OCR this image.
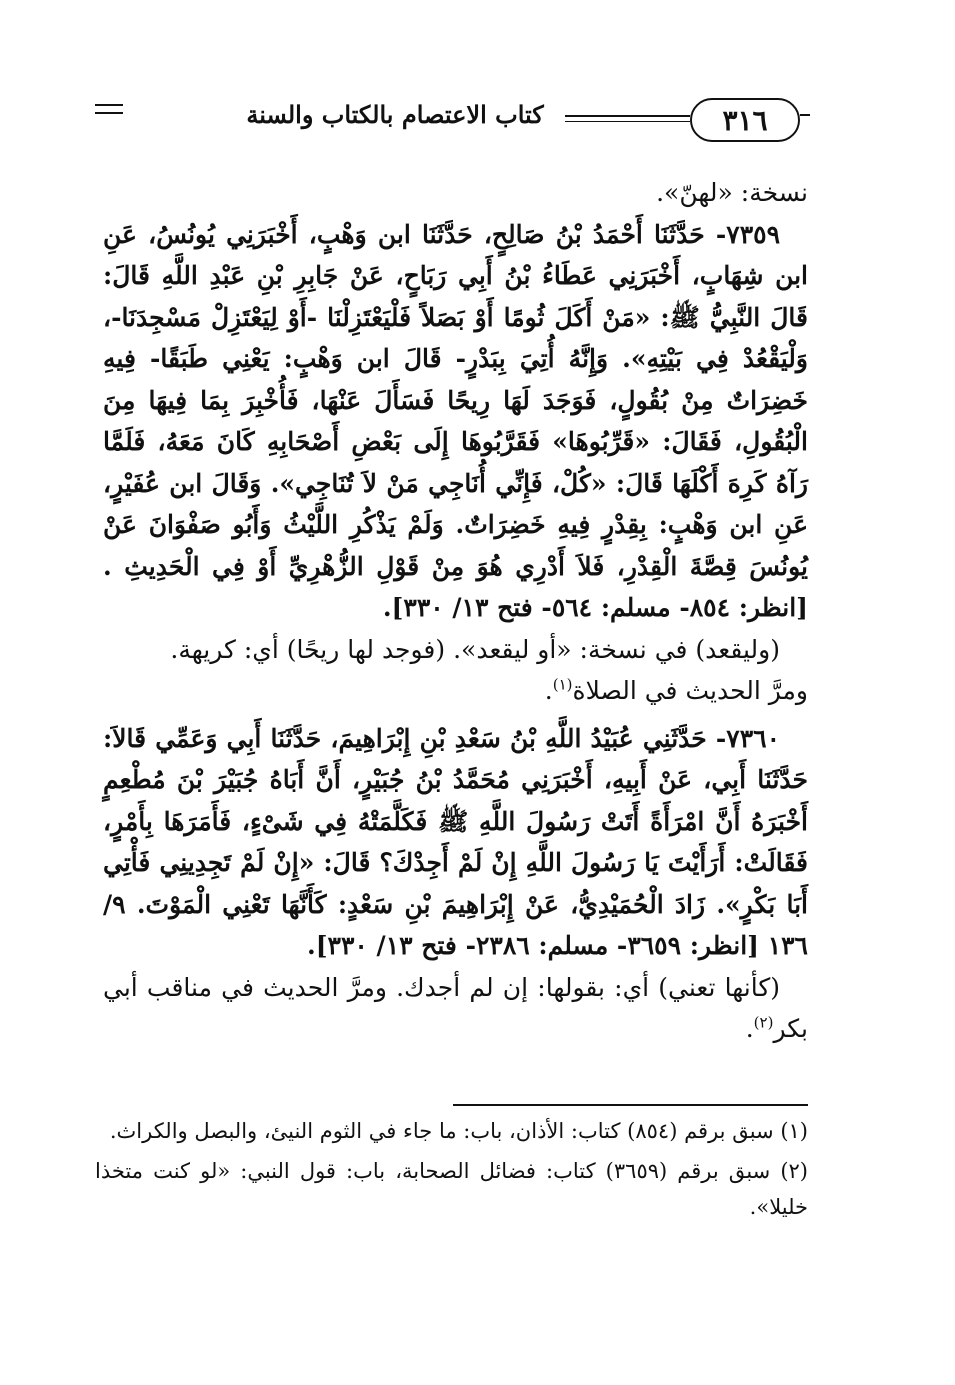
كتاب الاعتصام بالكتاب والسنة	٣١٦

نسخة: «لهنّ».

٧٣٥٩- حَدَّثَنَا أَحْمَدُ بْنُ صَالِحٍ، حَدَّثَنَا ابن وَهْبٍ، أَخْبَرَنِي يُونُسُ، عَنِ ابن شِهَابٍ، أَخْبَرَنِي عَطَاءُ بْنُ أَبِي رَبَاحٍ، عَنْ جَابِرِ بْنِ عَبْدِ اللَّهِ قَالَ: قَالَ النَّبِيُّ ﷺ: «مَنْ أَكَلَ ثُومًا أَوْ بَصَلاً فَلْيَعْتَزِلْنَا -أَوْ لِيَعْتَزِلْ مَسْجِدَنَا-، وَلْيَقْعُدْ فِي بَيْتِهِ». وَإِنَّهُ أُتِيَ بِبَدْرٍ- قَالَ ابن وَهْبٍ: يَعْنِي طَبَقًا- فِيهِ خَضِرَاتٌ مِنْ بُقُولٍ، فَوَجَدَ لَهَا رِيحًا فَسَأَلَ عَنْهَا، فَأُخْبِرَ بِمَا فِيهَا مِنَ الْبُقُولِ، فَقَالَ: «قَرِّبُوهَا» فَقَرَّبُوهَا إِلَى بَعْضِ أَصْحَابِهِ كَانَ مَعَهُ، فَلَمَّا رَآهُ كَرِهَ أَكْلَهَا قَالَ: «كُلْ، فَإِنِّي أُنَاجِي مَنْ لاَ تُنَاجِي». وَقَالَ ابن عُفَيْرٍ، عَنِ ابن وَهْبٍ: بِقِدْرٍ فِيهِ خَضِرَاتٌ. وَلَمْ يَذْكُرِ اللَّيْثُ وَأَبُو صَفْوَانَ عَنْ يُونُسَ قِصَّةَ الْقِدْرِ، فَلاَ أَدْرِي هُوَ مِنْ قَوْلِ الزُّهْرِيِّ أَوْ فِي الْحَدِيثِ .[انظر: ٨٥٤- مسلم: ٥٦٤- فتح ١٣/ ٣٣٠].

(وليقعد) في نسخة: «أو ليقعد». (فوجد لها ريحًا) أي: كريهة.

ومرَّ الحديث في الصلاة$^{(١)}$.

٧٣٦٠- حَدَّثَنِي عُبَيْدُ اللَّهِ بْنُ سَعْدِ بْنِ إِبْرَاهِيمَ، حَدَّثَنَا أَبِي وَعَمِّي قَالاَ: حَدَّثَنَا أَبِي، عَنْ أَبِيهِ، أَخْبَرَنِي مُحَمَّدُ بْنُ جُبَيْرٍ، أَنَّ أَبَاهُ جُبَيْرَ بْنَ مُطْعِمٍ أَخْبَرَهُ أَنَّ امْرَأَةً أَتَتْ رَسُولَ اللَّهِ ﷺ فَكَلَّمَتْهُ فِي شَىْءٍ، فَأَمَرَهَا بِأَمْرٍ، فَقَالَتْ: أَرَأَيْتَ يَا رَسُولَ اللَّهِ إِنْ لَمْ أَجِدْكَ؟ قَالَ: «إِنْ لَمْ تَجِدِينِي فَأْتِي أَبَا بَكْرٍ». زَادَ الْحُمَيْدِيُّ، عَنْ إِبْرَاهِيمَ بْنِ سَعْدٍ: كَأَنَّهَا تَعْنِي الْمَوْتَ. ٩/ ١٣٦ [انظر: ٣٦٥٩- مسلم: ٢٣٨٦- فتح ١٣/ ٣٣٠].

(كأنها تعني) أي: بقولها: إن لم أجدك. ومرَّ الحديث في مناقب أبي بكر$^{(٢)}$.

(١) سبق برقم (٨٥٤) كتاب: الأذان، باب: ما جاء في الثوم النيئ، والبصل والكراث.

(٢) سبق برقم (٣٦٥٩) كتاب: فضائل الصحابة، باب: قول النبي: «لو كنت متخذا خليلا».
